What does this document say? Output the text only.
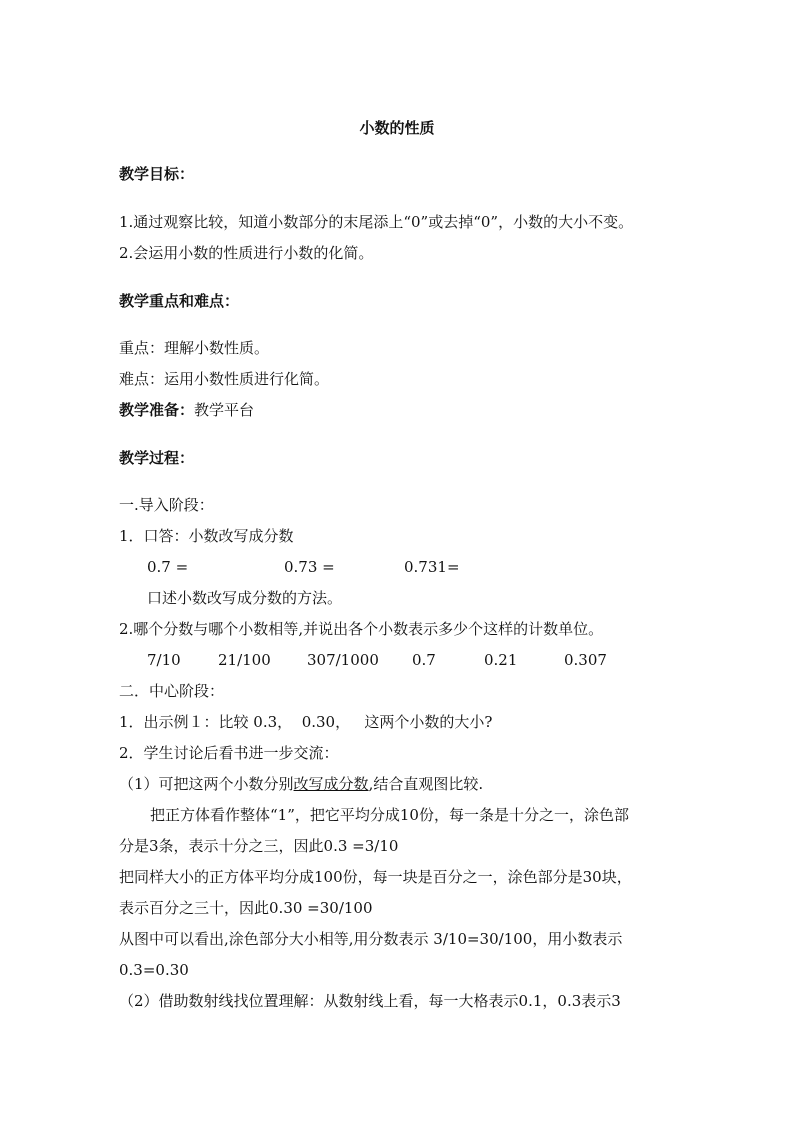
小数的性质
教学目标：
1.通过观察比较，知道小数部分的末尾添上“0”或去掉“0”，小数的大小不变。
2.会运用小数的性质进行小数的化简。
教学重点和难点：
重点：理解小数性质。
难点：运用小数性质进行化简。
教学准备：教学平台
教学过程：
一.导入阶段：
1．口答：小数改写成分数
0.7 =	0.73 =	0.731=
口述小数改写成分数的方法。
2.哪个分数与哪个小数相等,并说出各个小数表示多少个这样的计数单位。
7/10 21/100 307/1000 0.7	0.21	0.307
二．中心阶段：
1．出示例１：比较 0.3，  0.30，   这两个小数的大小?
2．学生讨论后看书进一步交流：
（1）可把这两个小数分别改写成分数,结合直观图比较.
把正方体看作整体“1”，把它平均分成10份，每一条是十分之一，涂色部
分是3条，表示十分之三，因此0.3 =3/10
把同样大小的正方体平均分成100份，每一块是百分之一，涂色部分是30块，
表示百分之三十，因此0.30 =30/100
从图中可以看出,涂色部分大小相等,用分数表示 3/10=30/100，用小数表示
0.3=0.30
（2）借助数射线找位置理解：从数射线上看，每一大格表示0.1，0.3表示3
